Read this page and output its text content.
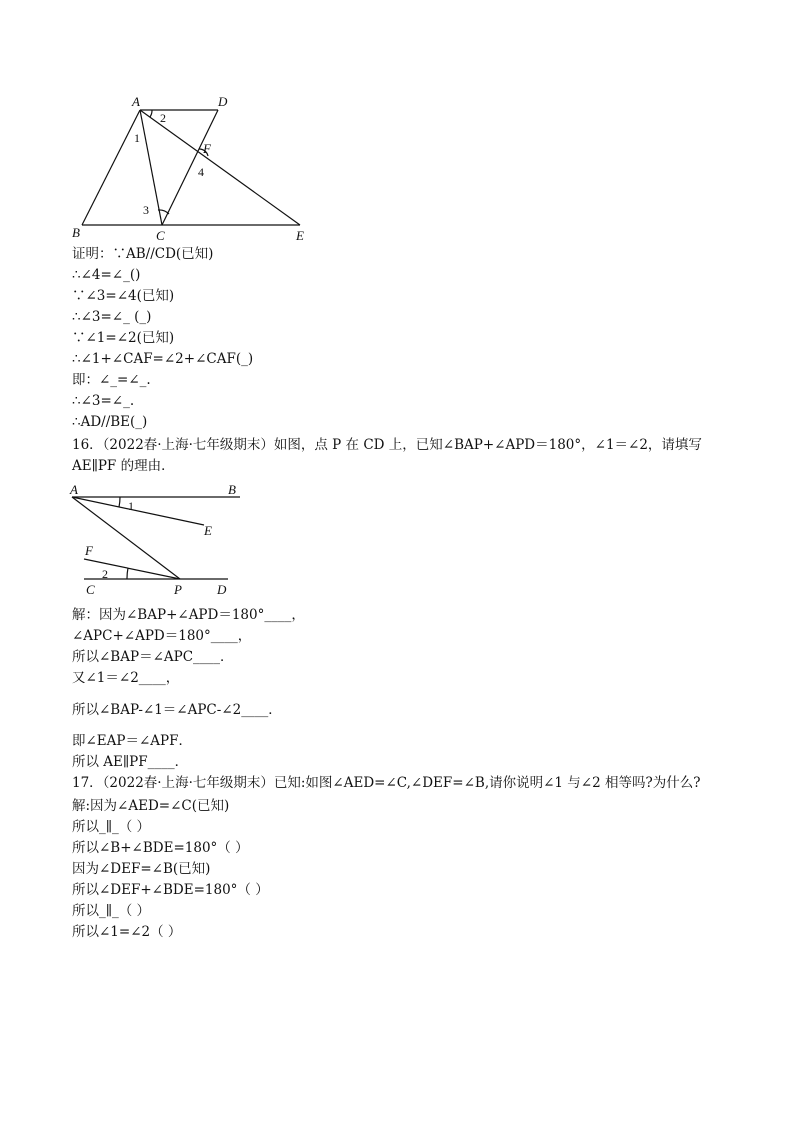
A	D
B	C	E
F
1
2
3
4
证明：∵AB//CD(已知)
∴∠4=∠_()
∵∠3=∠4(已知)
∴∠3=∠_ (_)
∵∠1=∠2(已知)
∴∠1+∠CAF=∠2+∠CAF(_)
即：∠_=∠_.
∴∠3=∠_.
∴AD//BE(_)
16．（2022春·上海·七年级期末）如图，点 P 在 CD 上，已知∠BAP+∠APD＝180°，∠1＝∠2，请填写 AE∥PF 的理由．
A	B
E
F
C	P	D
1
2
解：因为∠BAP+∠APD＝180°____，
∠APC+∠APD＝180°____，
所以∠BAP＝∠APC____．
又∠1＝∠2____，
所以∠BAP-∠1＝∠APC-∠2____．
即∠EAP＝∠APF．
所以 AE∥PF____．
17．（2022春·上海·七年级期末）已知:如图∠AED=∠C,∠DEF=∠B,请你说明∠1 与∠2 相等吗?为什么?
解:因为∠AED=∠C(已知)
所以_∥_（ ）
所以∠B+∠BDE=180°（ ）
因为∠DEF=∠B(已知)
所以∠DEF+∠BDE=180°（ ）
所以_∥_（ ）
所以∠1=∠2（ ）
